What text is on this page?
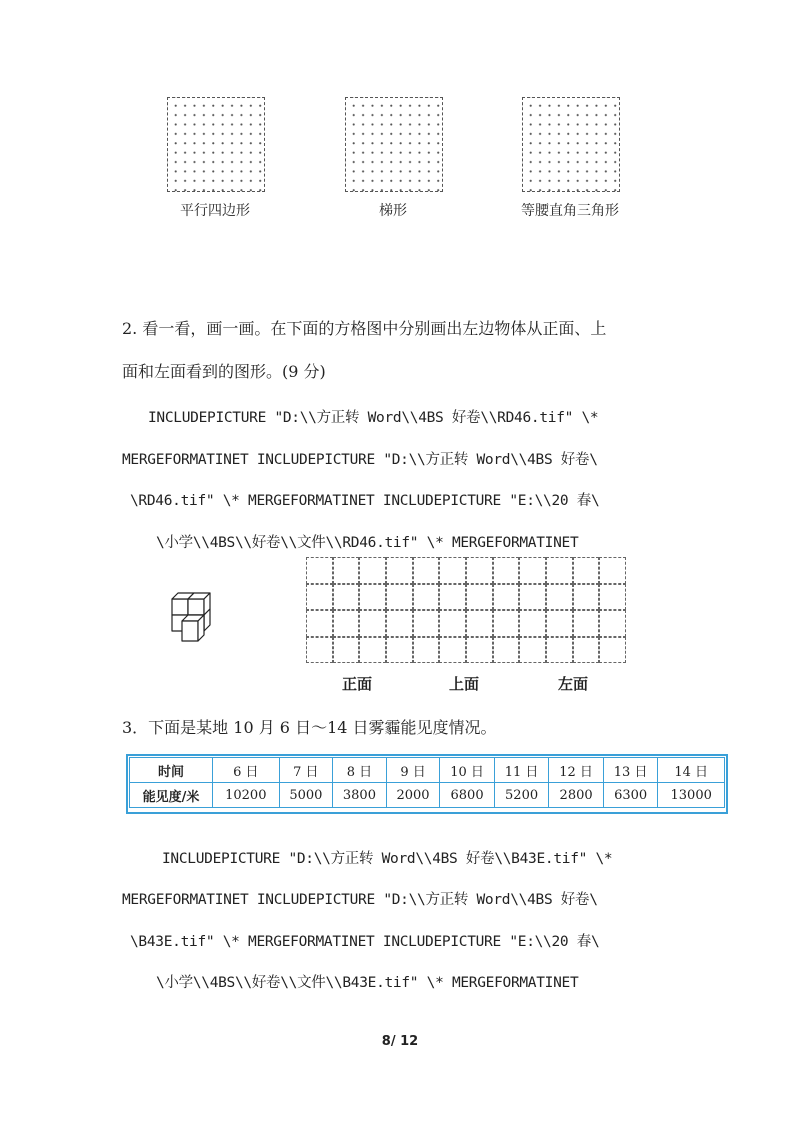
平行四边形	梯形	等腰直角三角形
2. 看一看，画一画。在下面的方格图中分别画出左边物体从正面、上
面和左面看到的图形。(9 分)
INCLUDEPICTURE "D:\\方正转 Word\\4BS 好卷\\RD46.tif" \*
MERGEFORMATINET INCLUDEPICTURE "D:\\方正转 Word\\4BS 好卷\
\RD46.tif" \* MERGEFORMATINET INCLUDEPICTURE "E:\\20 春\
\小学\\4BS\\好卷\\文件\\RD46.tif" \* MERGEFORMATINET
正面	上面	左面
3．下面是某地 10 月 6 日～14 日雾霾能见度情况。
时间	6 日	7 日	8 日	9 日	10 日	11 日	12 日	13 日	14 日
能见度/米	10200	5000	3800	2000	6800	5200	2800	6300	13000
INCLUDEPICTURE "D:\\方正转 Word\\4BS 好卷\\B43E.tif" \*
MERGEFORMATINET INCLUDEPICTURE "D:\\方正转 Word\\4BS 好卷\
\B43E.tif" \* MERGEFORMATINET INCLUDEPICTURE "E:\\20 春\
\小学\\4BS\\好卷\\文件\\B43E.tif" \* MERGEFORMATINET
8/ 12
